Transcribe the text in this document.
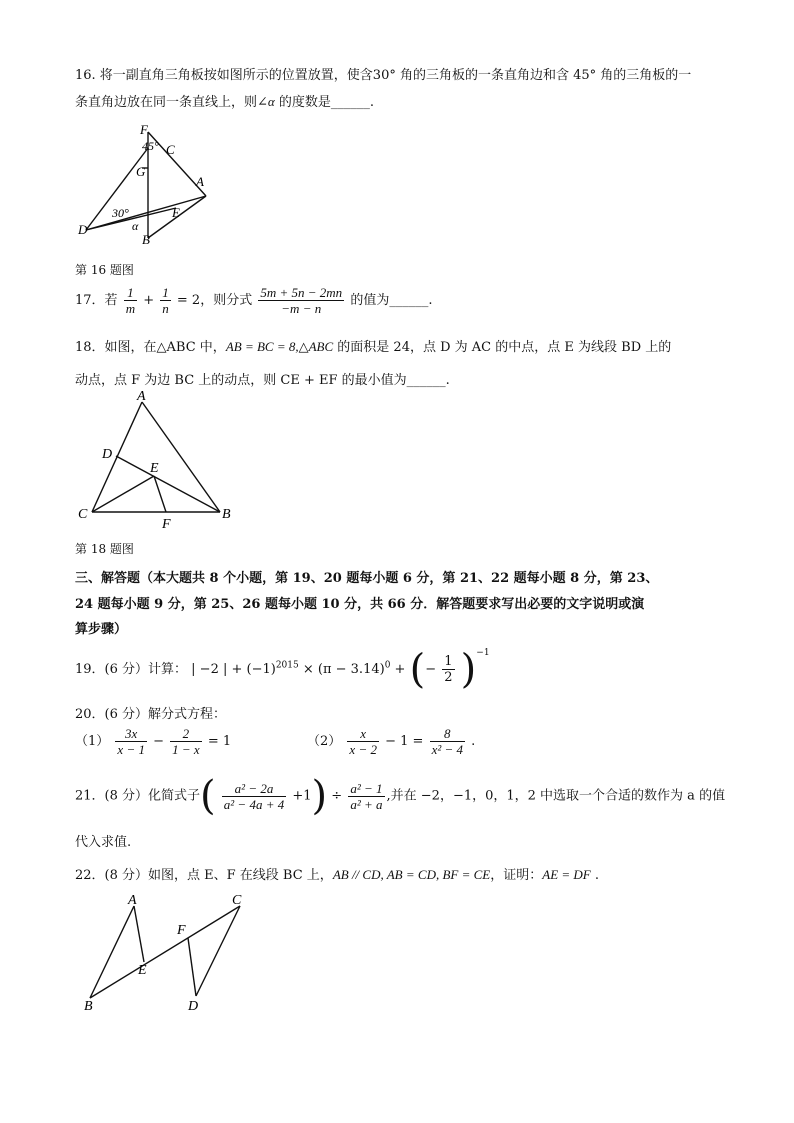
16. 将一副直角三角板按如图所示的位置放置，使含30° 角的三角板的一条直角边和含 45° 角的三角板的一
条直角边放在同一条直线上，则∠α 的度数是______.
F
C
45°
G
A
30°	E
D	α
B
第 16 题图
17．若 $\frac{1}{m} + \frac{1}{n} = 2$，则分式 $\frac{5m + 5n - 2mn}{-m - n}$ 的值为______.
18．如图，在△ABC 中，AB = BC = 8,△ABC 的面积是 24，点 D 为 AC 的中点，点 E 为线段 BD 上的
动点，点 F 为边 BC 上的动点，则 CE + EF 的最小值为______.
A
D
E
C
F
B
第 18 题图
三、解答题（本大题共 8 个小题，第 19、20 题每小题 6 分，第 21、22 题每小题 8 分，第 23、
24 题每小题 9 分，第 25、26 题每小题 10 分，共 66 分．解答题要求写出必要的文字说明或演
算步骤）
19．(6 分）计算： | −2 | + $(-1)^{2015} \times (\pi - 3.14)^0$ + (− $\frac{1}{2} )^{-1}$
20．(6 分）解分式方程：
$(1) \frac{3x}{x - 1} - \frac{2}{1 - x} = 1$	$(2) \frac{x}{x - 2} - 1 = \frac{8}{\text{x² − 4}}$ .
21．(8 分）化简式子( $\frac{\text{a² − 2a}}{\text{a² − 4a + 4}} +1) \div \frac{\text{a² − 1}}{\text{a² + a}}$ ,并在 −2，−1，0，1，2 中选取一个合适的数作为 a 的值
代入求值.
22．(8 分）如图，点 E、F 在线段 BC 上，AB // CD, AB = CD, BF = CE，证明：AE = DF .
A	C
F
E
B	D
